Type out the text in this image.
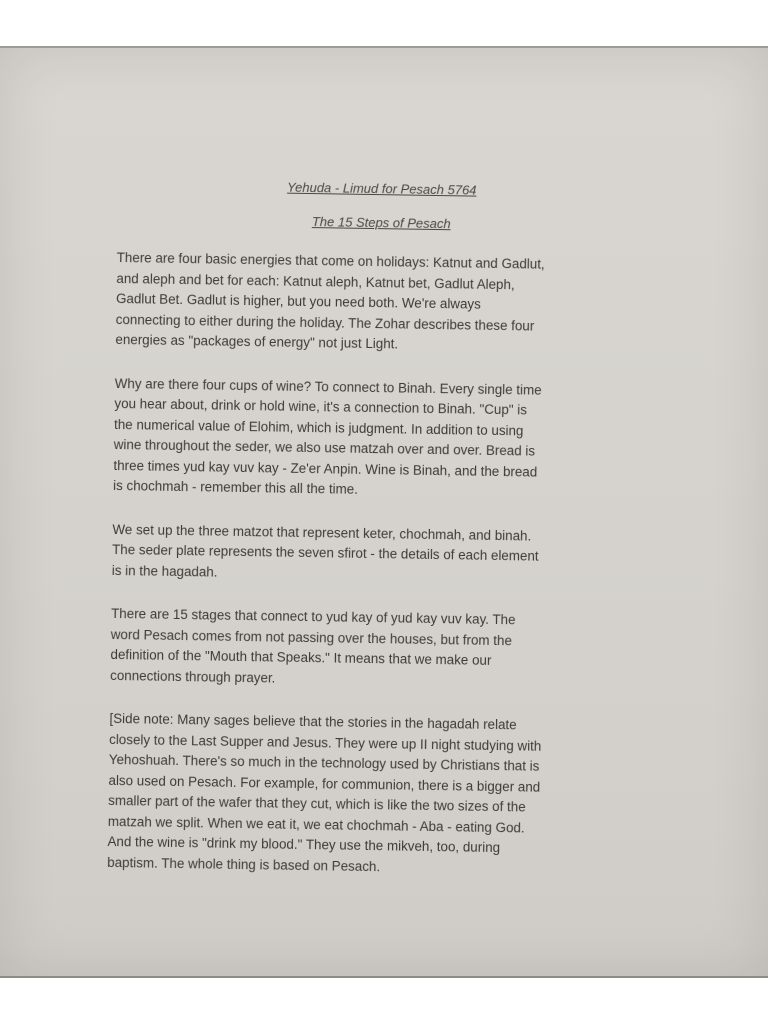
Yehuda - Limud for Pesach 5764
The 15 Steps of Pesach
There are four basic energies that come on holidays: Katnut and Gadlut,
and aleph and bet for each: Katnut aleph, Katnut bet, Gadlut Aleph,
Gadlut Bet. Gadlut is higher, but you need both. We're always
connecting to either during the holiday. The Zohar describes these four
energies as "packages of energy" not just Light.
Why are there four cups of wine? To connect to Binah. Every single time
you hear about, drink or hold wine, it's a connection to Binah. "Cup" is
the numerical value of Elohim, which is judgment. In addition to using
wine throughout the seder, we also use matzah over and over. Bread is
three times yud kay vuv kay - Ze'er Anpin. Wine is Binah, and the bread
is chochmah - remember this all the time.
We set up the three matzot that represent keter, chochmah, and binah.
The seder plate represents the seven sfirot - the details of each element
is in the hagadah.
There are 15 stages that connect to yud kay of yud kay vuv kay. The
word Pesach comes from not passing over the houses, but from the
definition of the "Mouth that Speaks." It means that we make our
connections through prayer.
[Side note: Many sages believe that the stories in the hagadah relate
closely to the Last Supper and Jesus. They were up II night studying with
Yehoshuah. There's so much in the technology used by Christians that is
also used on Pesach. For example, for communion, there is a bigger and
smaller part of the wafer that they cut, which is like the two sizes of the
matzah we split. When we eat it, we eat chochmah - Aba - eating God.
And the wine is "drink my blood." They use the mikveh, too, during
baptism. The whole thing is based on Pesach.
